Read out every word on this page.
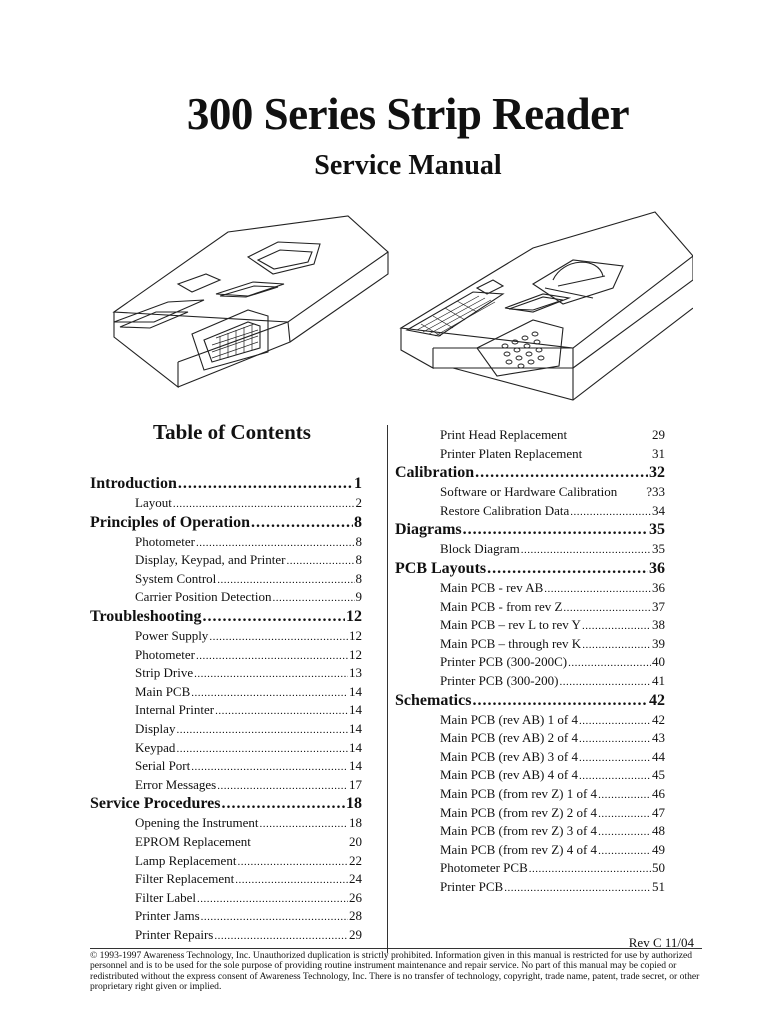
300 Series Strip Reader
Service Manual
Table of Contents
Introduction .....	1
Layout .....	2
Principles of Operation .....	8
Photometer .....	8
Display, Keypad, and Printer .....	8
System Control .....	8
Carrier Position Detection .....	9
Troubleshooting .....	12
Power Supply .....	12
Photometer .....	12
Strip Drive .....	13
Main PCB .....	14
Internal Printer .....	14
Display .....	14
Keypad .....	14
Serial Port .....	14
Error Messages .....	17
Service Procedures .....	18
Opening the Instrument .....	18
EPROM Replacement	20
Lamp Replacement .....	22
Filter Replacement .....	24
Filter Label .....	26
Printer Jams .....	28
Printer Repairs .....	29
Print Head Replacement	29
Printer Platen Replacement	31
Calibration .....	32
Software or Hardware Calibration ?33
Restore Calibration Data .....	34
Diagrams .....	35
Block Diagram .....	35
PCB Layouts .....	36
Main PCB - rev AB .....	36
Main PCB - from rev Z .....	37
Main PCB – rev L to rev Y .....	38
Main PCB – through rev K .....	39
Printer PCB (300-200C) .....	40
Printer PCB (300-200) .....	41
Schematics .....	42
Main PCB (rev AB) 1 of 4 .....	42
Main PCB (rev AB) 2 of 4 .....	43
Main PCB (rev AB) 3 of 4 .....	44
Main PCB (rev AB) 4 of 4 .....	45
Main PCB (from rev Z) 1 of 4 .....	46
Main PCB (from rev Z) 2 of 4 .....	47
Main PCB (from rev Z) 3 of 4 .....	48
Main PCB (from rev Z) 4 of 4 .....	49
Photometer PCB .....	50
Printer PCB .....	51
Rev C 11/04
© 1993-1997 Awareness Technology, Inc. Unauthorized duplication is strictly prohibited. Information given in this manual is restricted for use by authorized personnel and is to be used for the sole purpose of providing routine instrument maintenance and repair service. No part of this manual may be copied or redistributed without the express consent of Awareness Technology, Inc. There is no transfer of technology, copyright, trade name, patent, trade secret, or other proprietary right given or implied.
